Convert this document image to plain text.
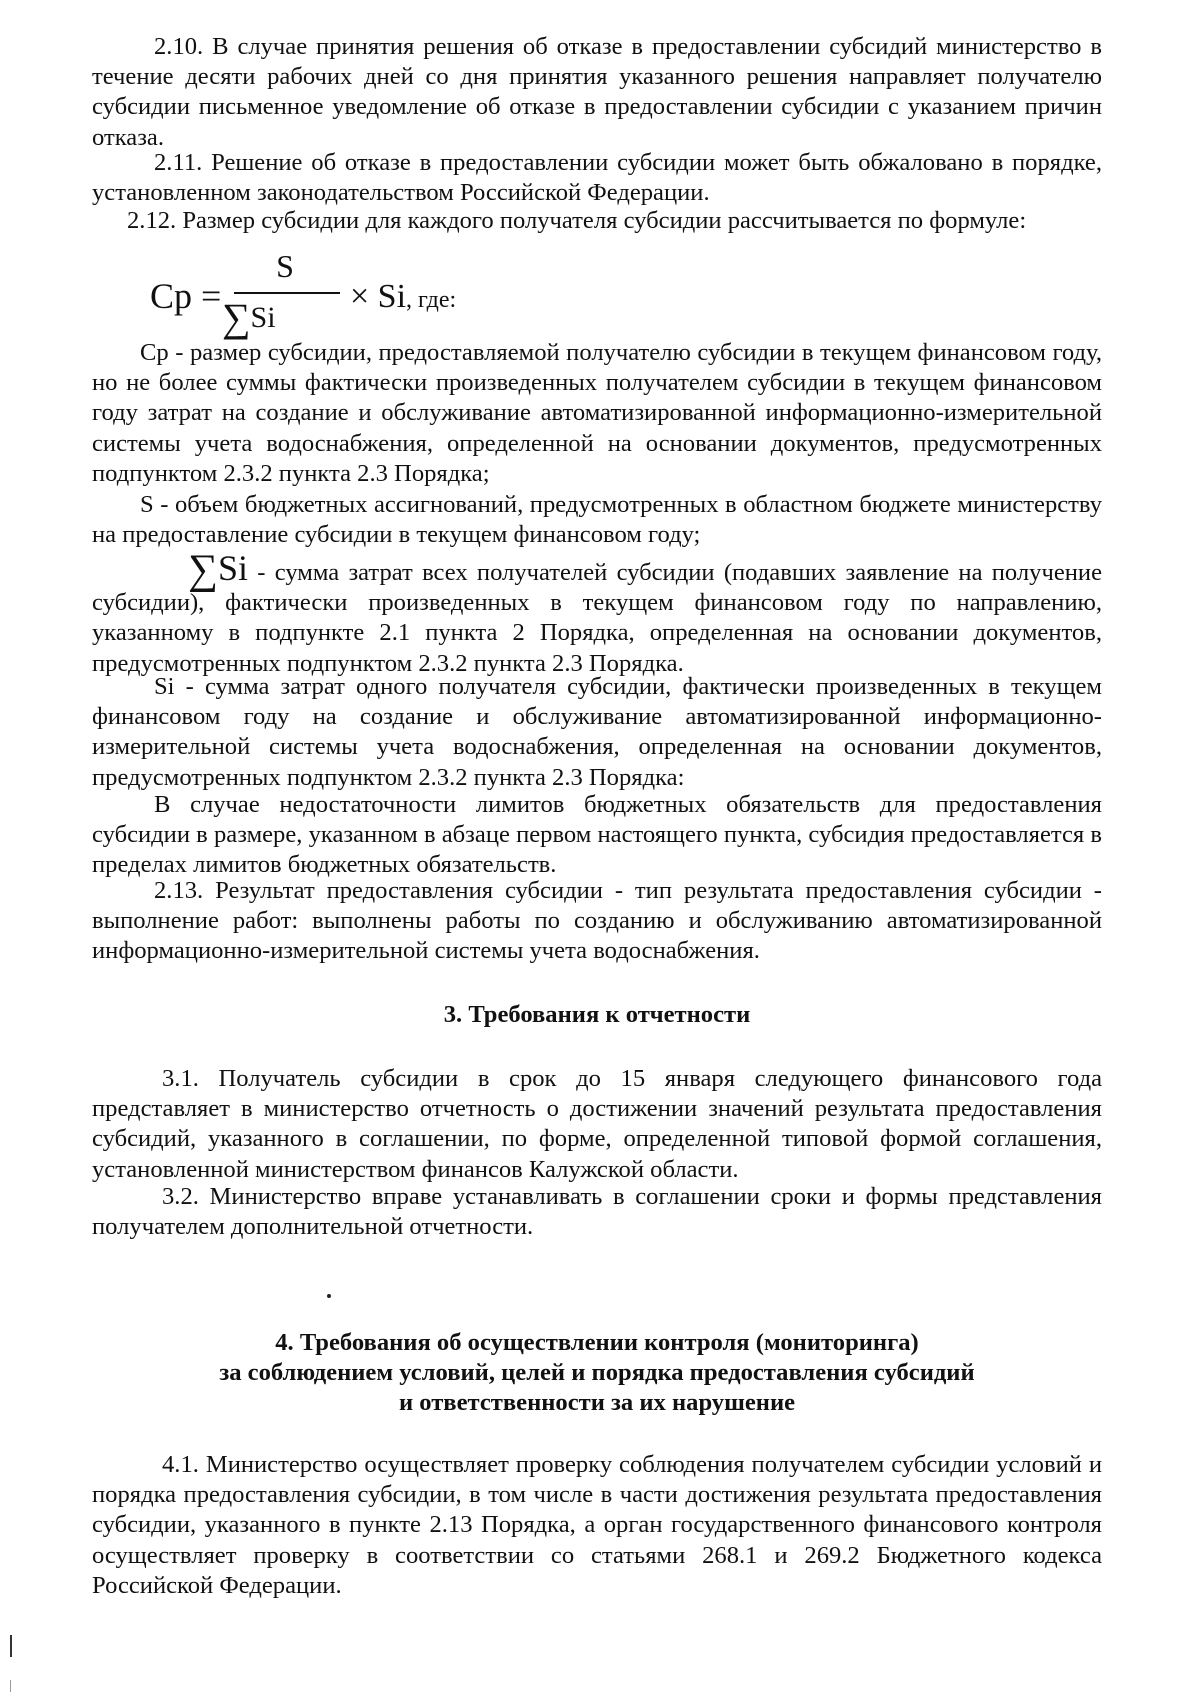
2.10. В случае принятия решения об отказе в предоставлении субсидий министерство в течение десяти рабочих дней со дня принятия указанного решения направляет получателю субсидии письменное уведомление об отказе в предоставлении субсидии с указанием причин отказа.

2.11. Решение об отказе в предоставлении субсидии может быть обжаловано в порядке, установленном законодательством Российской Федерации.

2.12. Размер субсидии для каждого получателя субсидии рассчитывается по формуле:

Cp =
S
∑Si
× Si, где:

Cp - размер субсидии, предоставляемой получателю субсидии в текущем финансовом году, но не более суммы фактически произведенных получателем субсидии в текущем финансовом году затрат на создание и обслуживание автоматизированной информационно-измерительной системы учета водоснабжения, определенной на основании документов, предусмотренных подпунктом 2.3.2 пункта 2.3 Порядка;

S - объем бюджетных ассигнований, предусмотренных в областном бюджете министерству на предоставление субсидии в текущем финансовом году;

∑Si - сумма затрат всех получателей субсидии (подавших заявление на получение субсидии), фактически произведенных в текущем финансовом году по направлению, указанному в подпункте 2.1 пункта 2 Порядка, определенная на основании документов, предусмотренных подпунктом 2.3.2 пункта 2.3 Порядка.

Si - сумма затрат одного получателя субсидии, фактически произведенных в текущем финансовом году на создание и обслуживание автоматизированной информационно-измерительной системы учета водоснабжения, определенная на основании документов, предусмотренных подпунктом 2.3.2 пункта 2.3 Порядка:

В случае недостаточности лимитов бюджетных обязательств для предоставления субсидии в размере, указанном в абзаце первом настоящего пункта, субсидия предоставляется в пределах лимитов бюджетных обязательств.

2.13. Результат предоставления субсидии - тип результата предоставления субсидии - выполнение работ: выполнены работы по созданию и обслуживанию автоматизированной информационно-измерительной системы учета водоснабжения.

3. Требования к отчетности

3.1. Получатель субсидии в срок до 15 января следующего финансового года представляет в министерство отчетность о достижении значений результата предоставления субсидий, указанного в соглашении, по форме, определенной типовой формой соглашения, установленной министерством финансов Калужской области.

3.2. Министерство вправе устанавливать в соглашении сроки и формы представления получателем дополнительной отчетности.

4. Требования об осуществлении контроля (мониторинга)
за соблюдением условий, целей и порядка предоставления субсидий
и ответственности за их нарушение

4.1. Министерство осуществляет проверку соблюдения получателем субсидии условий и порядка предоставления субсидии, в том числе в части достижения результата предоставления субсидии, указанного в пункте 2.13 Порядка, а орган государственного финансового контроля осуществляет проверку в соответствии со статьями 268.1 и 269.2 Бюджетного кодекса Российской Федерации.
